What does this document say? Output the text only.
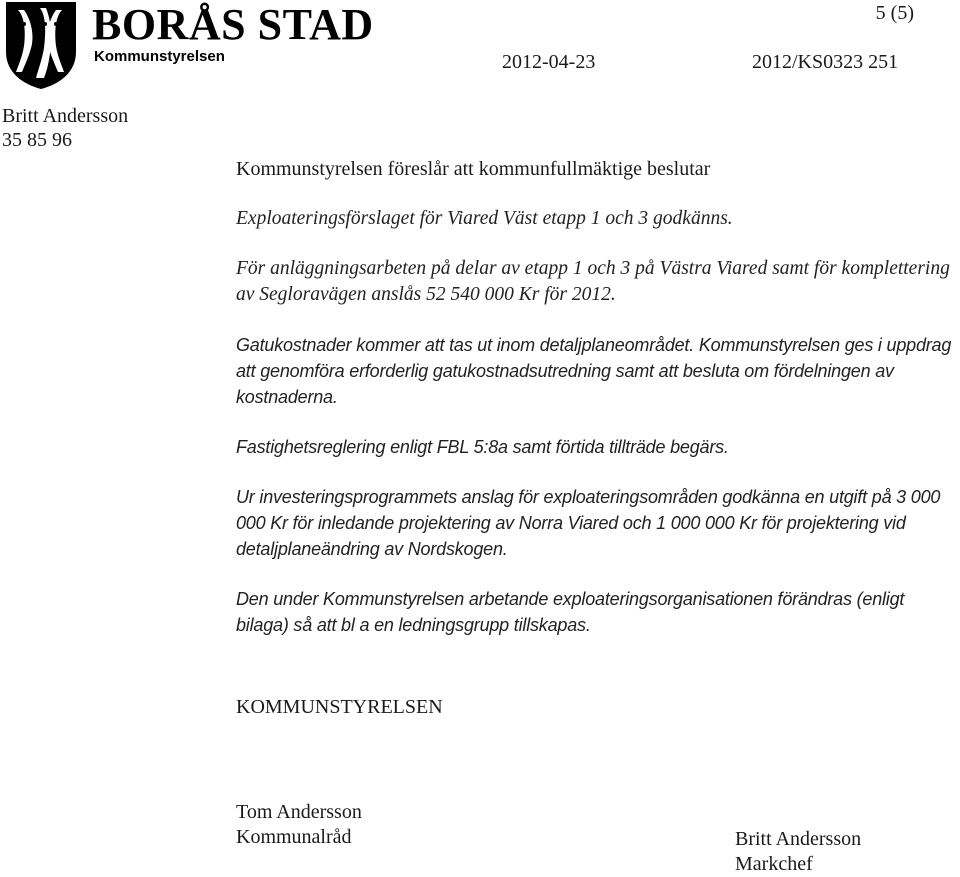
BORÅS STAD
Kommunstyrelsen
5 (5)
2012-04-23	2012/KS0323 251
Britt Andersson
35 85 96
Kommunstyrelsen föreslår att kommunfullmäktige beslutar

Exploateringsförslaget för Viared Väst etapp 1 och 3 godkänns.

För anläggningsarbeten på delar av etapp 1 och 3 på Västra Viared samt för komplettering av Segloravägen anslås 52 540 000 Kr för 2012.

Gatukostnader kommer att tas ut inom detaljplaneområdet. Kommunstyrelsen ges i uppdrag att genomföra erforderlig gatukostnadsutredning samt att besluta om fördelningen av kostnaderna.

Fastighetsreglering enligt FBL 5:8a samt förtida tillträde begärs.

Ur investeringsprogrammets anslag för exploateringsområden godkänna en utgift på 3 000 000 Kr för inledande projektering av Norra Viared och 1 000 000 Kr för projektering vid detaljplaneändring av Nordskogen.

Den under Kommunstyrelsen arbetande exploateringsorganisationen förändras (enligt bilaga) så att bl a en ledningsgrupp tillskapas.

KOMMUNSTYRELSEN
Tom Andersson
Kommunalråd	Britt Andersson
Markchef
